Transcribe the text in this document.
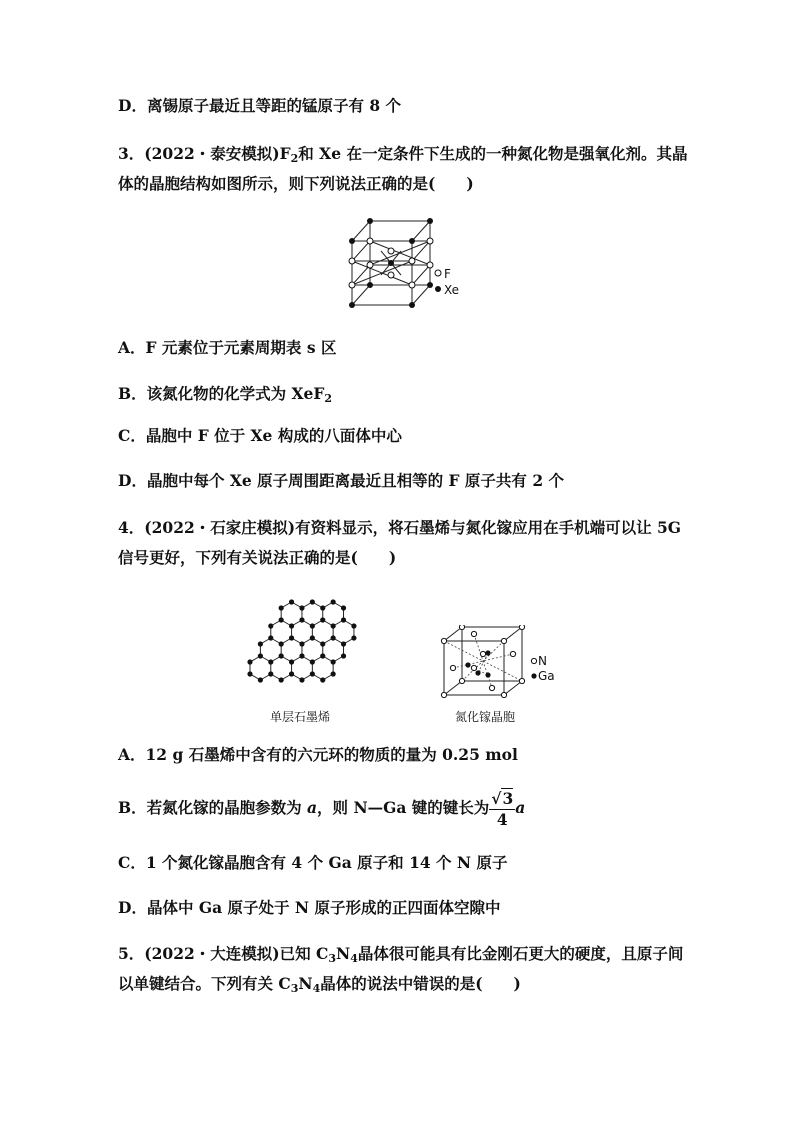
D．离锡原子最近且等距的锰原子有 8 个
3．(2022・泰安模拟)$F_2$和 Xe 在一定条件下生成的一种氮化物是强氧化剂。其晶
体的晶胞结构如图所示，则下列说法正确的是(　　)
F
Xe
A．F 元素位于元素周期表 s 区
B．该氮化物的化学式为 XeF$_2$
C．晶胞中 F 位于 Xe 构成的八面体中心
D．晶胞中每个 Xe 原子周围距离最近且相等的 F 原子共有 2 个
4．(2022・石家庄模拟)有资料显示，将石墨烯与氮化镓应用在手机端可以让 5G
信号更好，下列有关说法正确的是(　　)
单层石墨烯
N
Ga
氮化镓晶胞
A．12 g 石墨烯中含有的六元环的物质的量为 0.25 mol
B．若氮化镓的晶胞参数为 a，则 N—Ga 键的键长为 $\frac{√3}{4}$ a
C．1 个氮化镓晶胞含有 4 个 Ga 原子和 14 个 N 原子
D．晶体中 Ga 原子处于 N 原子形成的正四面体空隙中
5．(2022・大连模拟)已知 $C_3N_4$晶体很可能具有比金刚石更大的硬度，且原子间
以单键结合。下列有关 $C_3N_4$晶体的说法中错误的是(　　)
